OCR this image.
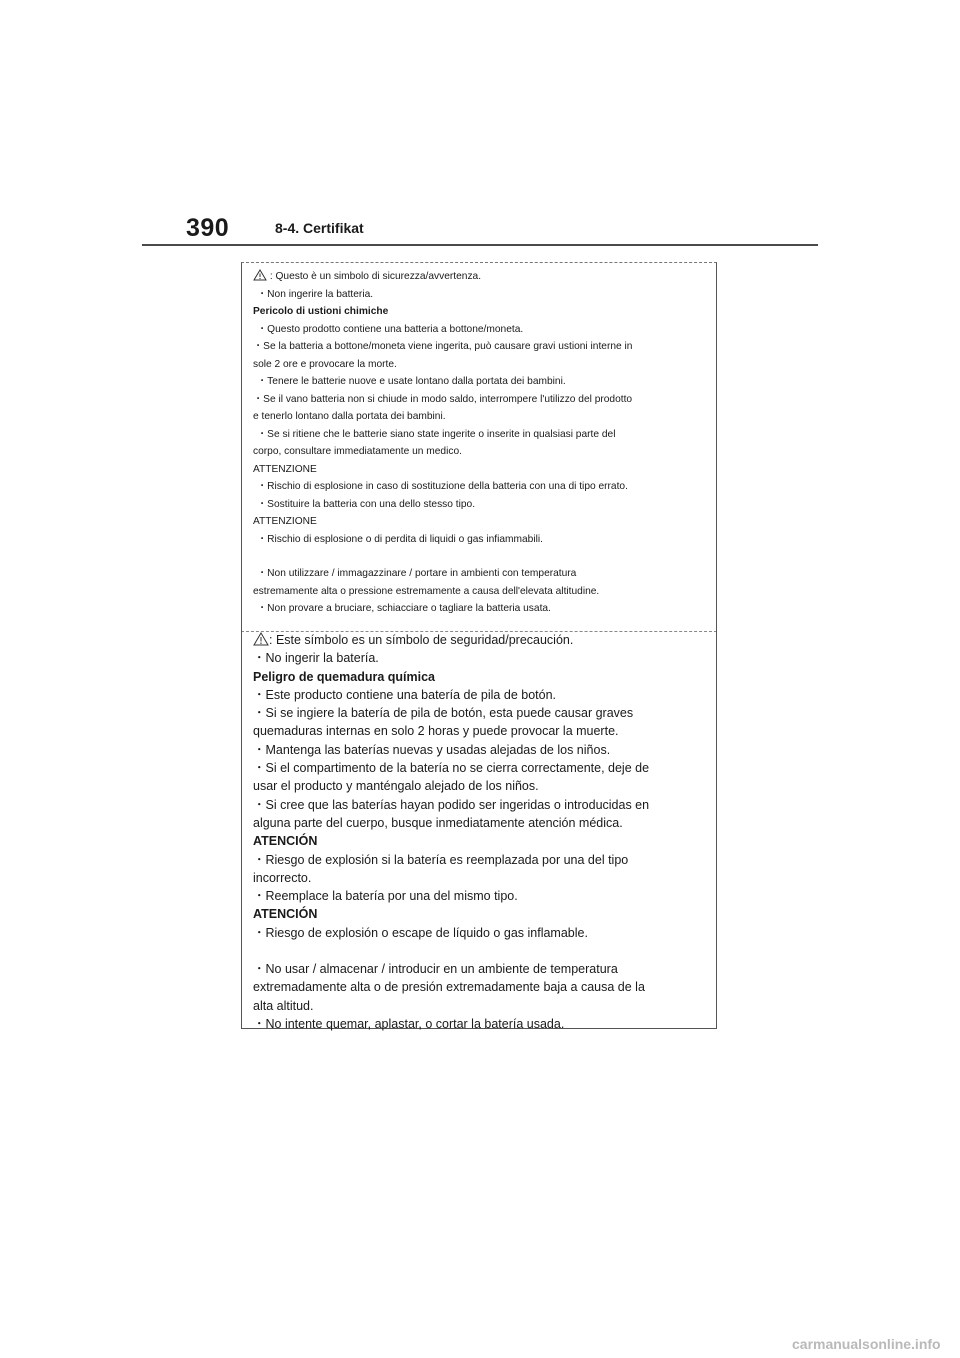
390	8-4. Certifikat
: Questo è un simbolo di sicurezza/avvertenza.
・Non ingerire la batteria.
Pericolo di ustioni chimiche
・Questo prodotto contiene una batteria a bottone/moneta.
・Se la batteria a bottone/moneta viene ingerita, può causare gravi ustioni interne in
sole 2 ore e provocare la morte.
・Tenere le batterie nuove e usate lontano dalla portata dei bambini.
・Se il vano batteria non si chiude in modo saldo, interrompere l'utilizzo del prodotto
e tenerlo lontano dalla portata dei bambini.
・Se si ritiene che le batterie siano state ingerite o inserite in qualsiasi parte del
corpo, consultare immediatamente un medico.
ATTENZIONE
・Rischio di esplosione in caso di sostituzione della batteria con una di tipo errato.
・Sostituire la batteria con una dello stesso tipo.
ATTENZIONE
・Rischio di esplosione o di perdita di liquidi o gas infiammabili.
・Non utilizzare / immagazzinare / portare in ambienti con temperatura
estremamente alta o pressione estremamente a causa dell'elevata altitudine.
・Non provare a bruciare, schiacciare o tagliare la batteria usata.
: Este símbolo es un símbolo de seguridad/precaución.
・No ingerir la batería.
Peligro de quemadura química
・Este producto contiene una batería de pila de botón.
・Si se ingiere la batería de pila de botón, esta puede causar graves
quemaduras internas en solo 2 horas y puede provocar la muerte.
・Mantenga las baterías nuevas y usadas alejadas de los niños.
・Si el compartimento de la batería no se cierra correctamente, deje de
usar el producto y manténgalo alejado de los niños.
・Si cree que las baterías hayan podido ser ingeridas o introducidas en
alguna parte del cuerpo, busque inmediatamente atención médica.
ATENCIÓN
・Riesgo de explosión si la batería es reemplazada por una del tipo
incorrecto.
・Reemplace la batería por una del mismo tipo.
ATENCIÓN
・Riesgo de explosión o escape de líquido o gas inflamable.
・No usar / almacenar / introducir en un ambiente de temperatura
extremadamente alta o de presión extremadamente baja a causa de la
alta altitud.
・No intente quemar, aplastar, o cortar la batería usada.
carmanualsonline.info
